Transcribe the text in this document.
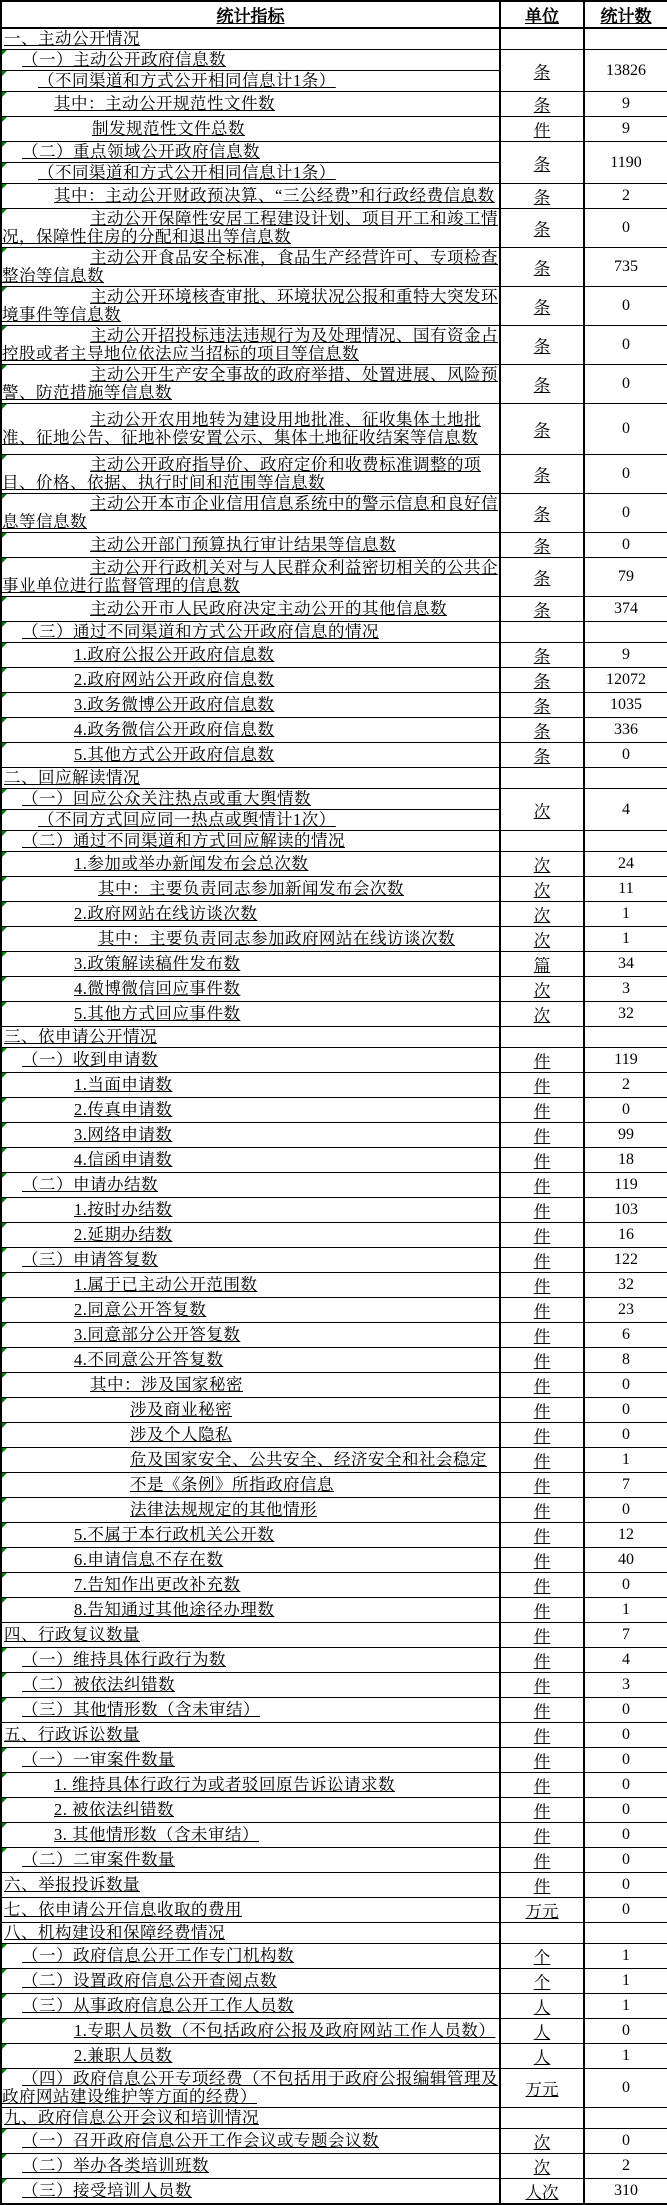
统计指标	单位	统计数

一、主动公开情况		

（一）主动公开政府信息数	条	13826

（不同渠道和方式公开相同信息计1条）		

其中：主动公开规范性文件数	条	9

制发规范性文件总数	件	9

（二）重点领域公开政府信息数	条	1190

（不同渠道和方式公开相同信息计1条）		

其中：主动公开财政预决算、“三公经费”和行政经费信息数	条	2

主动公开保障性安居工程建设计划、项目开工和竣工情况，保障性住房的分配和退出等信息数	条	0

主动公开食品安全标准，食品生产经营许可、专项检查整治等信息数	条	735

主动公开环境核查审批、环境状况公报和重特大突发环境事件等信息数	条	0

主动公开招投标违法违规行为及处理情况、国有资金占控股或者主导地位依法应当招标的项目等信息数	条	0

主动公开生产安全事故的政府举措、处置进展、风险预警、防范措施等信息数	条	0

主动公开农用地转为建设用地批准、征收集体土地批准、征地公告、征地补偿安置公示、集体土地征收结案等信息数	条	0

主动公开政府指导价、政府定价和收费标准调整的项目、价格、依据、执行时间和范围等信息数	条	0

主动公开本市企业信用信息系统中的警示信息和良好信息等信息数	条	0

主动公开部门预算执行审计结果等信息数	条	0

主动公开行政机关对与人民群众利益密切相关的公共企事业单位进行监督管理的信息数	条	79

主动公开市人民政府决定主动公开的其他信息数	条	374

（三）通过不同渠道和方式公开政府信息的情况		

1.政府公报公开政府信息数	条	9

2.政府网站公开政府信息数	条	12072

3.政务微博公开政府信息数	条	1035

4.政务微信公开政府信息数	条	336

5.其他方式公开政府信息数	条	0

二、回应解读情况		

（一）回应公众关注热点或重大舆情数	次	4

（不同方式回应同一热点或舆情计1次）		

（二）通过不同渠道和方式回应解读的情况		

1.参加或举办新闻发布会总次数	次	24

其中：主要负责同志参加新闻发布会次数	次	11

2.政府网站在线访谈次数	次	1

其中：主要负责同志参加政府网站在线访谈次数	次	1

3.政策解读稿件发布数	篇	34

4.微博微信回应事件数	次	3

5.其他方式回应事件数	次	32

三、依申请公开情况		

（一）收到申请数	件	119

1.当面申请数	件	2

2.传真申请数	件	0

3.网络申请数	件	99

4.信函申请数	件	18

（二）申请办结数	件	119

1.按时办结数	件	103

2.延期办结数	件	16

（三）申请答复数	件	122

1.属于已主动公开范围数	件	32

2.同意公开答复数	件	23

3.同意部分公开答复数	件	6

4.不同意公开答复数	件	8

其中：涉及国家秘密	件	0

涉及商业秘密	件	0

涉及个人隐私	件	0

危及国家安全、公共安全、经济安全和社会稳定	件	1

不是《条例》所指政府信息	件	7

法律法规规定的其他情形	件	0

5.不属于本行政机关公开数	件	12

6.申请信息不存在数	件	40

7.告知作出更改补充数	件	0

8.告知通过其他途径办理数	件	1

四、行政复议数量	件	7

（一）维持具体行政行为数	件	4

（二）被依法纠错数	件	3

（三）其他情形数（含未审结）	件	0

五、行政诉讼数量	件	0

（一）一审案件数量	件	0

1. 维持具体行政行为或者驳回原告诉讼请求数	件	0

2. 被依法纠错数	件	0

3. 其他情形数（含未审结）	件	0

（二）二审案件数量	件	0

六、举报投诉数量	件	0

七、依申请公开信息收取的费用	万元	0

八、机构建设和保障经费情况		

（一）政府信息公开工作专门机构数	个	1

（二）设置政府信息公开查阅点数	个	1

（三）从事政府信息公开工作人员数	人	1

1.专职人员数（不包括政府公报及政府网站工作人员数）	人	0

2.兼职人员数	人	1

（四）政府信息公开专项经费（不包括用于政府公报编辑管理及政府网站建设维护等方面的经费）	万元	0

九、政府信息公开会议和培训情况		

（一）召开政府信息公开工作会议或专题会议数	次	0

（二）举办各类培训班数	次	2

（三）接受培训人员数	人次	310
